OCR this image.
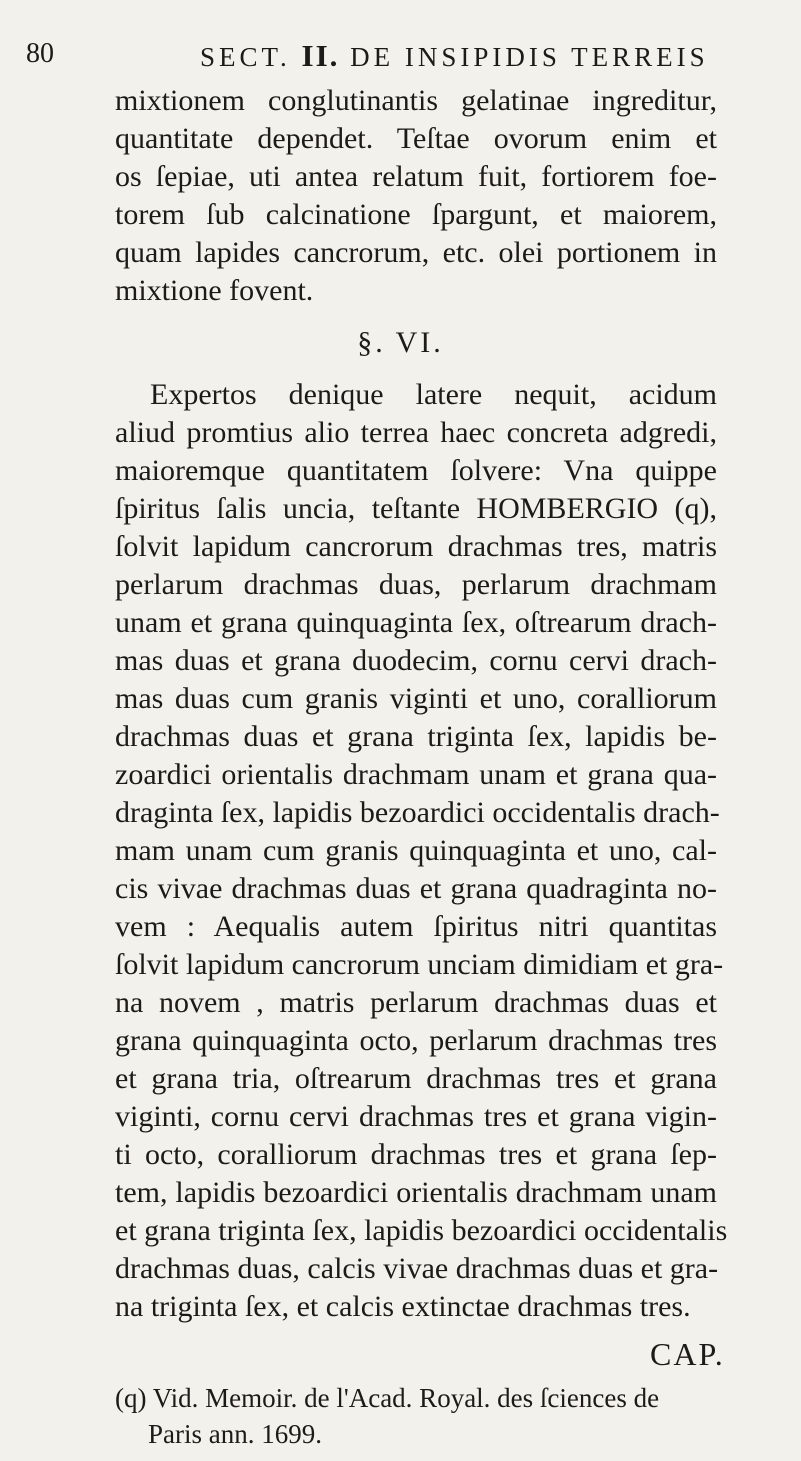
80	SECT. II. DE INSIPIDIS TERREIS
mixtionem conglutinantis gelatinae ingreditur,
quantitate dependet. Teſtae ovorum enim et
os ſepiae, uti antea relatum fuit, fortiorem foe-
torem ſub calcinatione ſpargunt, et maiorem,
quam lapides cancrorum, etc. olei portionem in
mixtione fovent.
§. VI.
Expertos denique latere nequit, acidum
aliud promtius alio terrea haec concreta adgredi,
maioremque quantitatem ſolvere: Vna quippe
ſpiritus ſalis uncia, teſtante HOMBERGIO (q),
ſolvit lapidum cancrorum drachmas tres, matris
perlarum drachmas duas, perlarum drachmam
unam et grana quinquaginta ſex, oſtrearum drach-
mas duas et grana duodecim, cornu cervi drach-
mas duas cum granis viginti et uno, coralliorum
drachmas duas et grana triginta ſex, lapidis be-
zoardici orientalis drachmam unam et grana qua-
draginta ſex, lapidis bezoardici occidentalis drach-
mam unam cum granis quinquaginta et uno, cal-
cis vivae drachmas duas et grana quadraginta no-
vem : Aequalis autem ſpiritus nitri quantitas
ſolvit lapidum cancrorum unciam dimidiam et gra-
na novem , matris perlarum drachmas duas et
grana quinquaginta octo, perlarum drachmas tres
et grana tria, oſtrearum drachmas tres et grana
viginti, cornu cervi drachmas tres et grana vigin-
ti octo, coralliorum drachmas tres et grana ſep-
tem, lapidis bezoardici orientalis drachmam unam
et grana triginta ſex, lapidis bezoardici occidentalis
drachmas duas, calcis vivae drachmas duas et gra-
na triginta ſex, et calcis extinctae drachmas tres.
CAP.
(q) Vid. Memoir. de l'Acad. Royal. des ſciences de
Paris ann. 1699.
